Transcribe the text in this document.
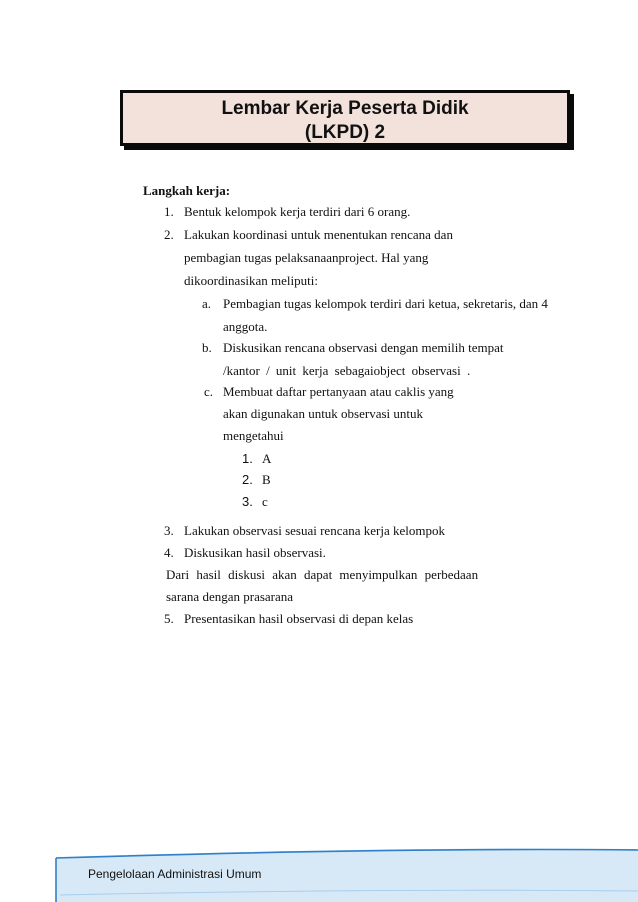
Lembar Kerja Peserta Didik
(LKPD) 2
Langkah kerja:
1. Bentuk kelompok kerja terdiri dari 6 orang.
2. Lakukan koordinasi untuk menentukan rencana dan
pembagian tugas pelaksanaanproject. Hal yang
dikoordinasikan meliputi:
a. Pembagian tugas kelompok terdiri dari ketua, sekretaris, dan 4
anggota.
b. Diskusikan rencana observasi dengan memilih tempat
/kantor / unit kerja sebagaiobject observasi .
c. Membuat daftar pertanyaan atau caklis yang
akan digunakan untuk observasi untuk
mengetahui
1. A
2. B
3. c
3. Lakukan observasi sesuai rencana kerja kelompok
4. Diskusikan hasil observasi.
Dari hasil diskusi akan dapat menyimpulkan perbedaan
sarana dengan prasarana
5. Presentasikan hasil observasi di depan kelas
Pengelolaan Administrasi Umum
